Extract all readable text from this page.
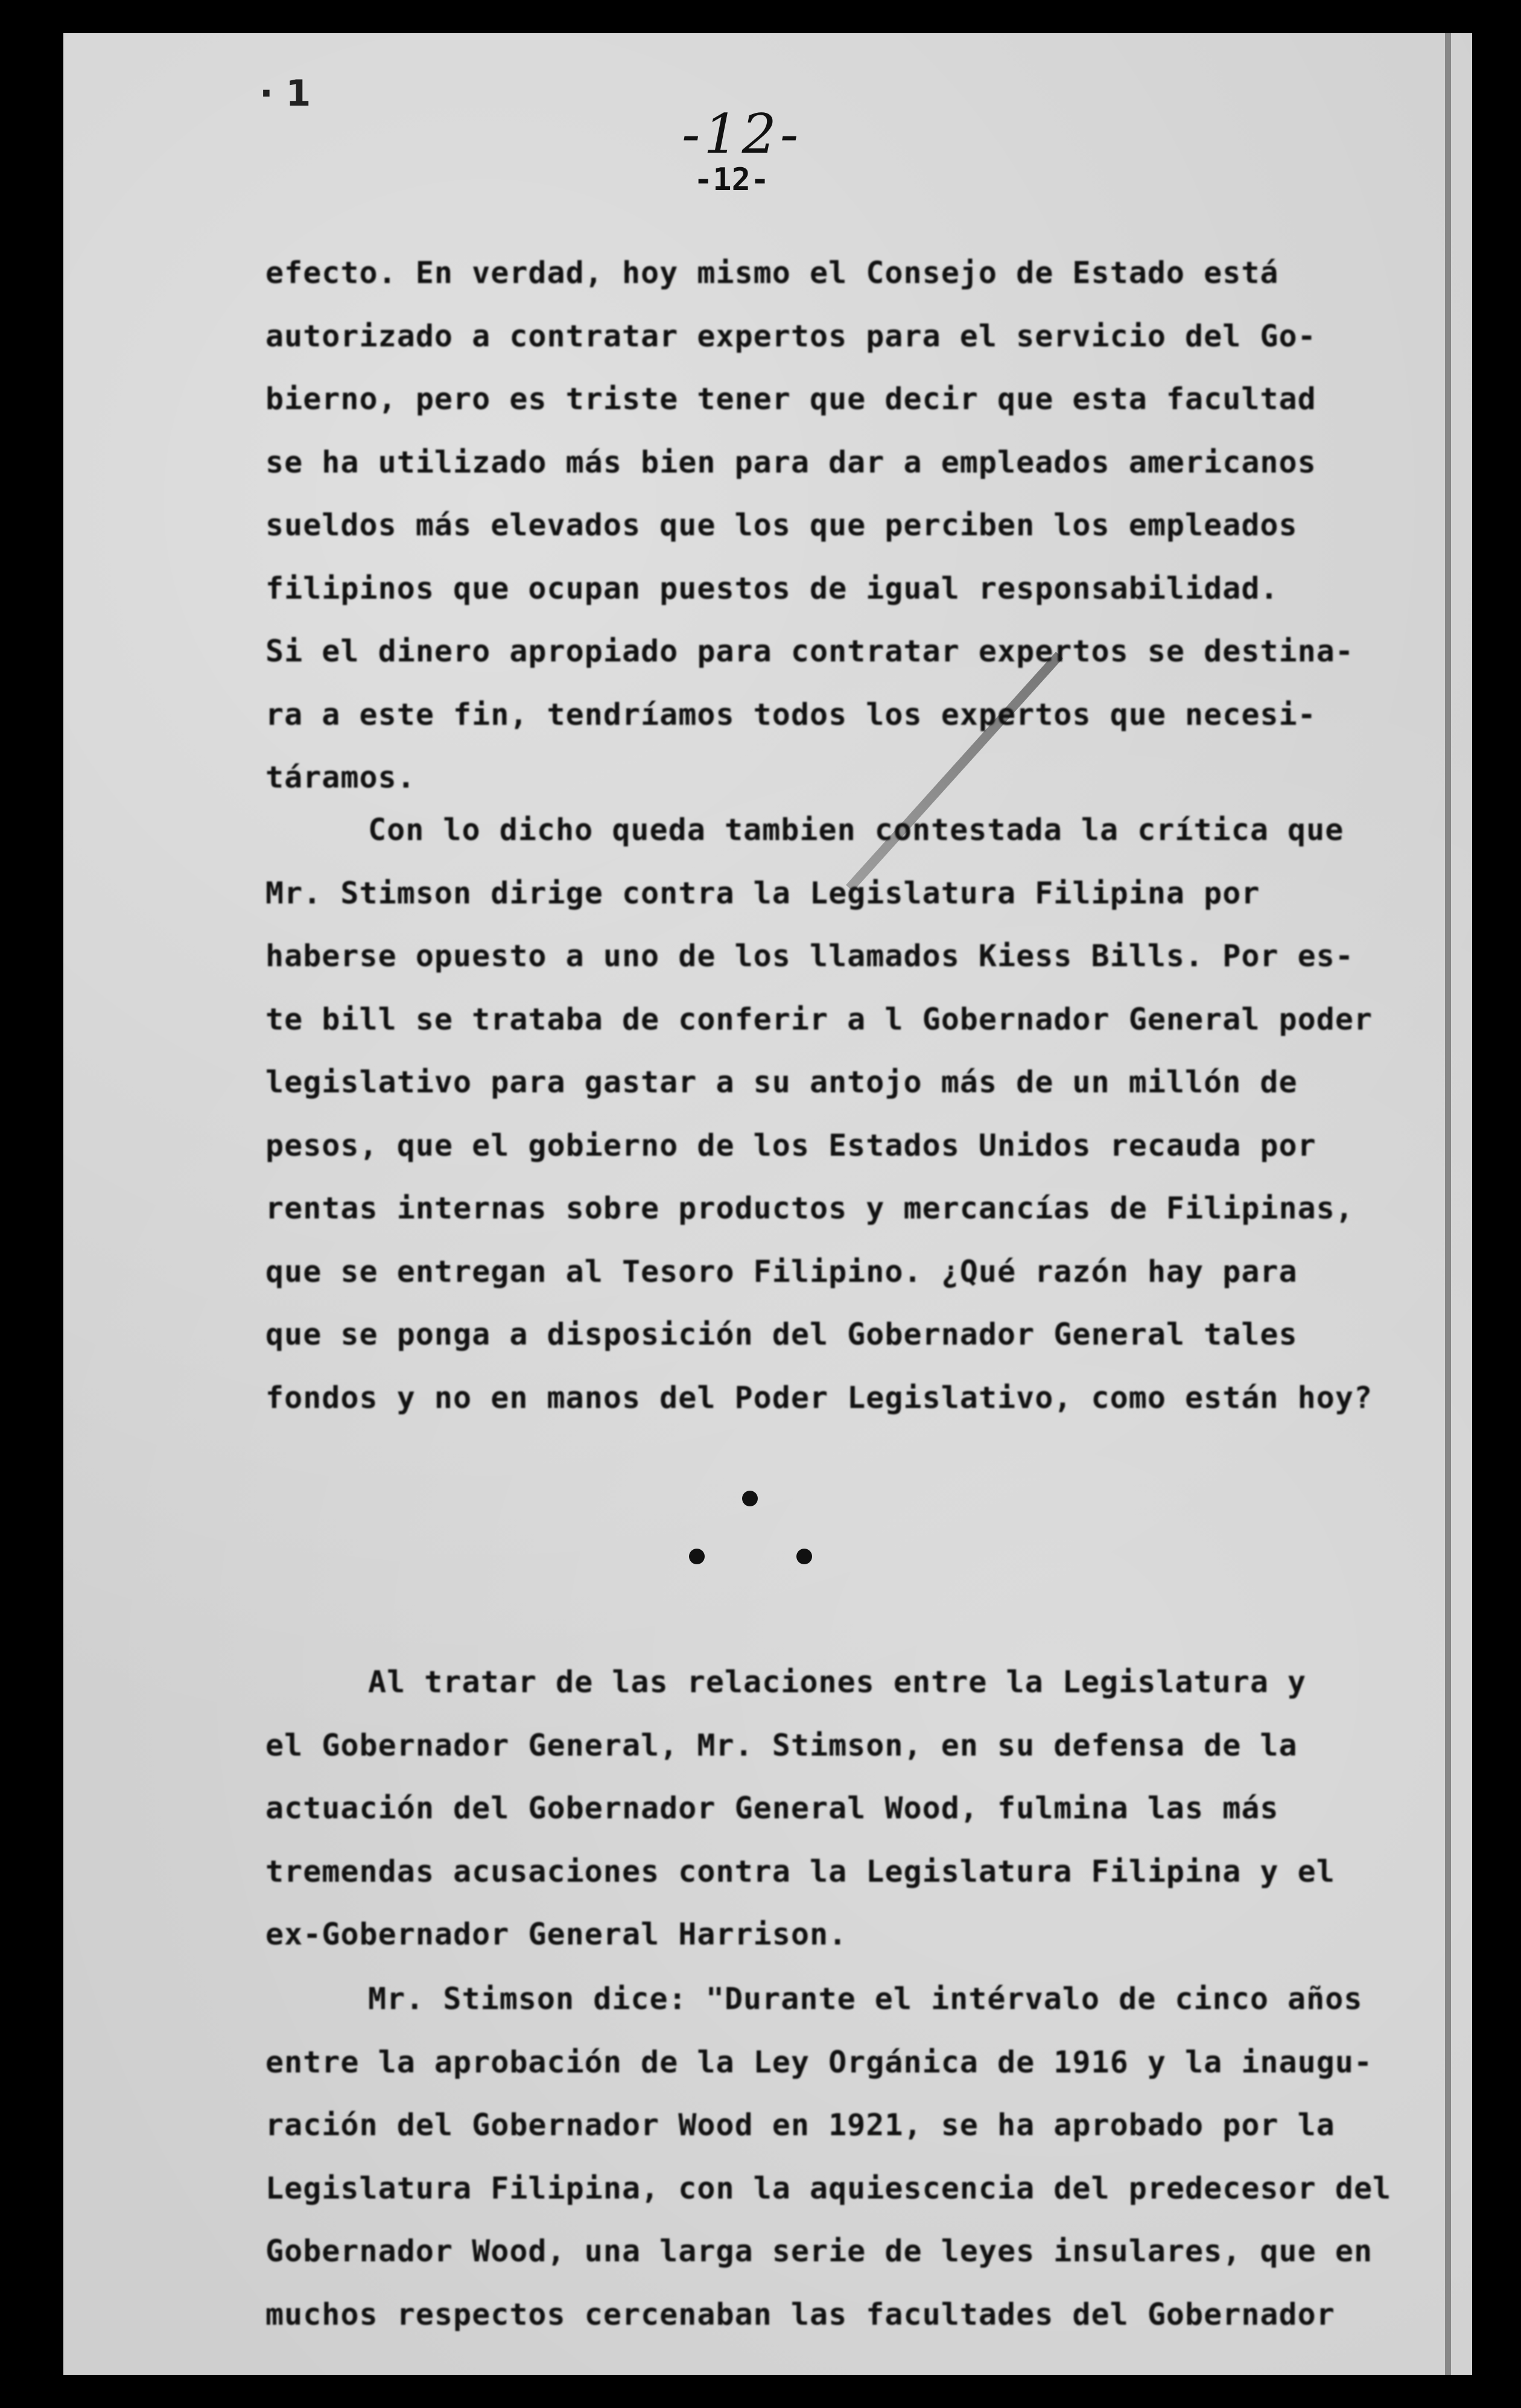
· 1
-12-
-12-
efecto. En verdad, hoy mismo el Consejo de Estado está
autorizado a contratar expertos para el servicio del Go-
bierno, pero es triste tener que decir que esta facultad
se ha utilizado más bien para dar a empleados americanos
sueldos más elevados que los que perciben los empleados
filipinos que ocupan puestos de igual responsabilidad.
Si el dinero apropiado para contratar expertos se destina-
ra a este fin, tendríamos todos los expertos que necesi-
táramos.
Con lo dicho queda tambien contestada la crítica que
Mr. Stimson dirige contra la Legislatura Filipina por
haberse opuesto a uno de los llamados Kiess Bills. Por es-
te bill se trataba de conferir a l Gobernador General poder
legislativo para gastar a su antojo más de un millón de
pesos, que el gobierno de los Estados Unidos recauda por
rentas internas sobre productos y mercancías de Filipinas,
que se entregan al Tesoro Filipino. ¿Qué razón hay para
que se ponga a disposición del Gobernador General tales
fondos y no en manos del Poder Legislativo, como están hoy?
Al tratar de las relaciones entre la Legislatura y
el Gobernador General, Mr. Stimson, en su defensa de la
actuación del Gobernador General Wood, fulmina las más
tremendas acusaciones contra la Legislatura Filipina y el
ex-Gobernador General Harrison.
Mr. Stimson dice: "Durante el intérvalo de cinco años
entre la aprobación de la Ley Orgánica de 1916 y la inaugu-
ración del Gobernador Wood en 1921, se ha aprobado por la
Legislatura Filipina, con la aquiescencia del predecesor del
Gobernador Wood, una larga serie de leyes insulares, que en
muchos respectos cercenaban las facultades del Gobernador
